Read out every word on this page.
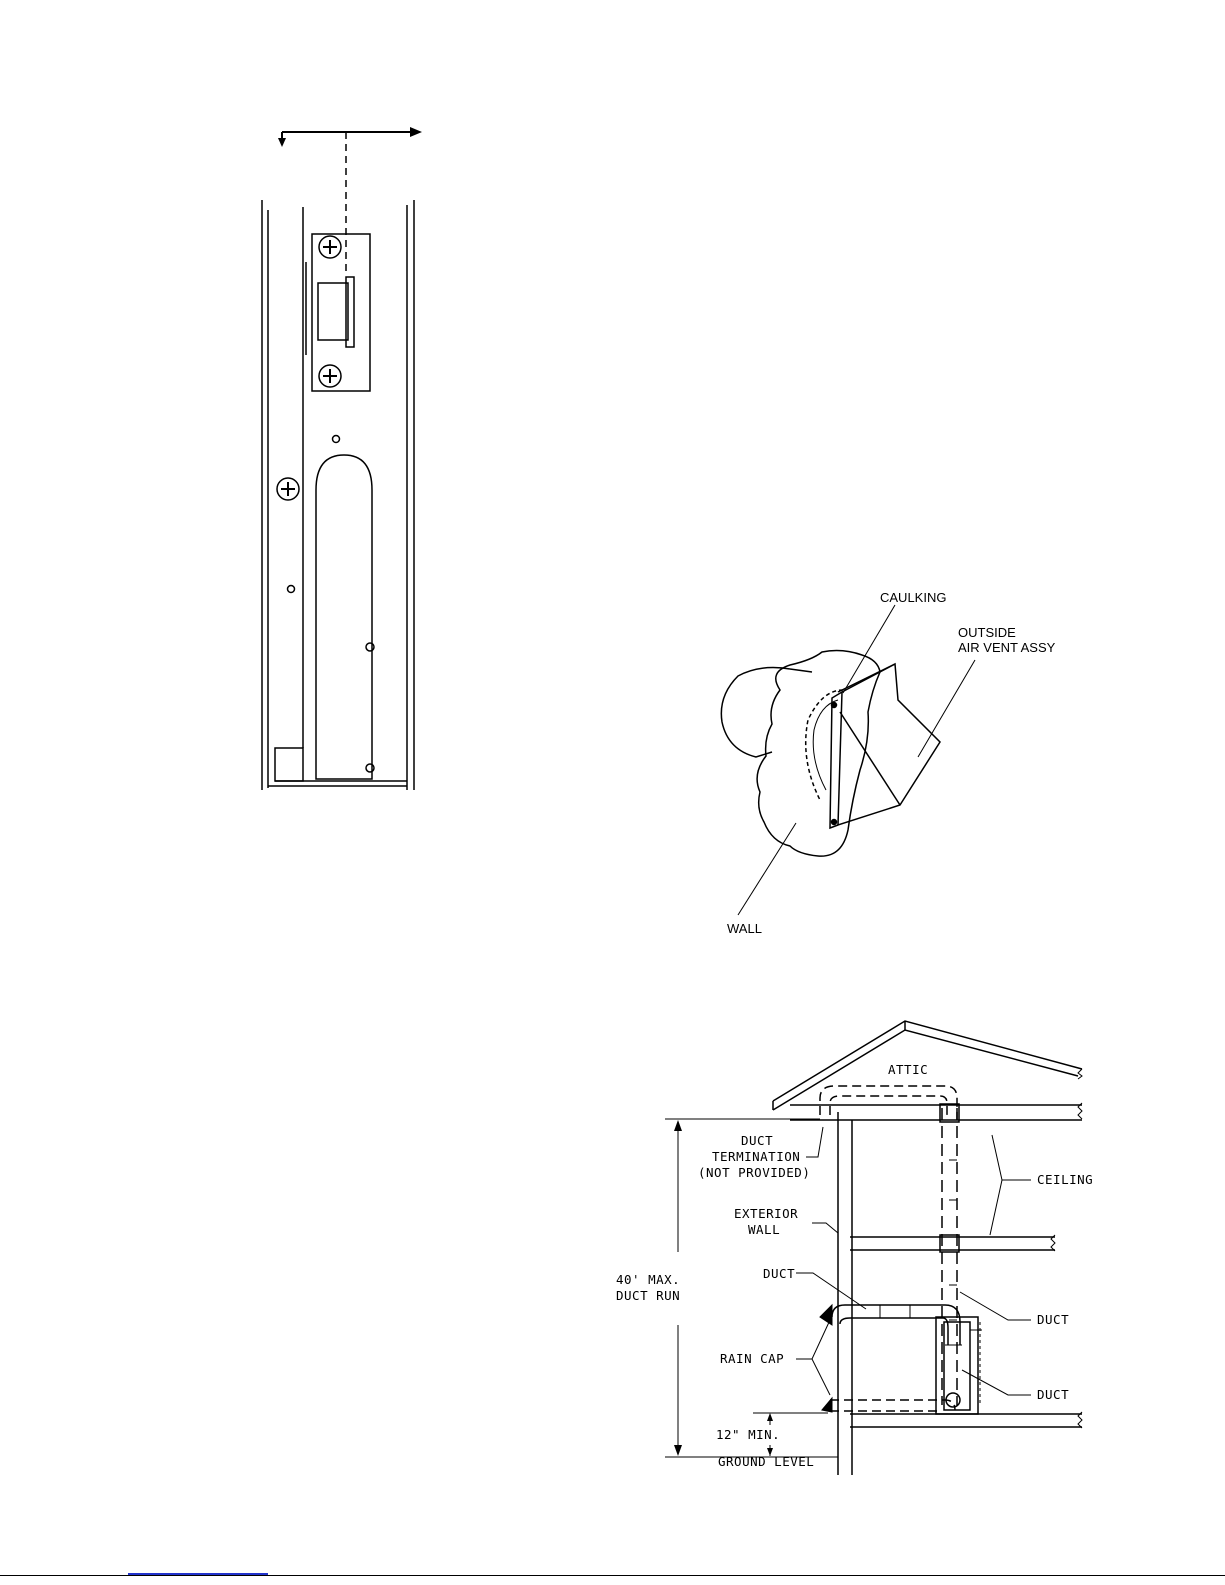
CAULKING
OUTSIDE
AIR VENT ASSY
WALL
ATTIC
DUCT
TERMINATION
(NOT PROVIDED)	CEILING
EXTERIOR
WALL
40' MAX.
DUCT RUN
DUCT
DUCT
DUCT
RAIN CAP
12" MIN.
GROUND LEVEL
